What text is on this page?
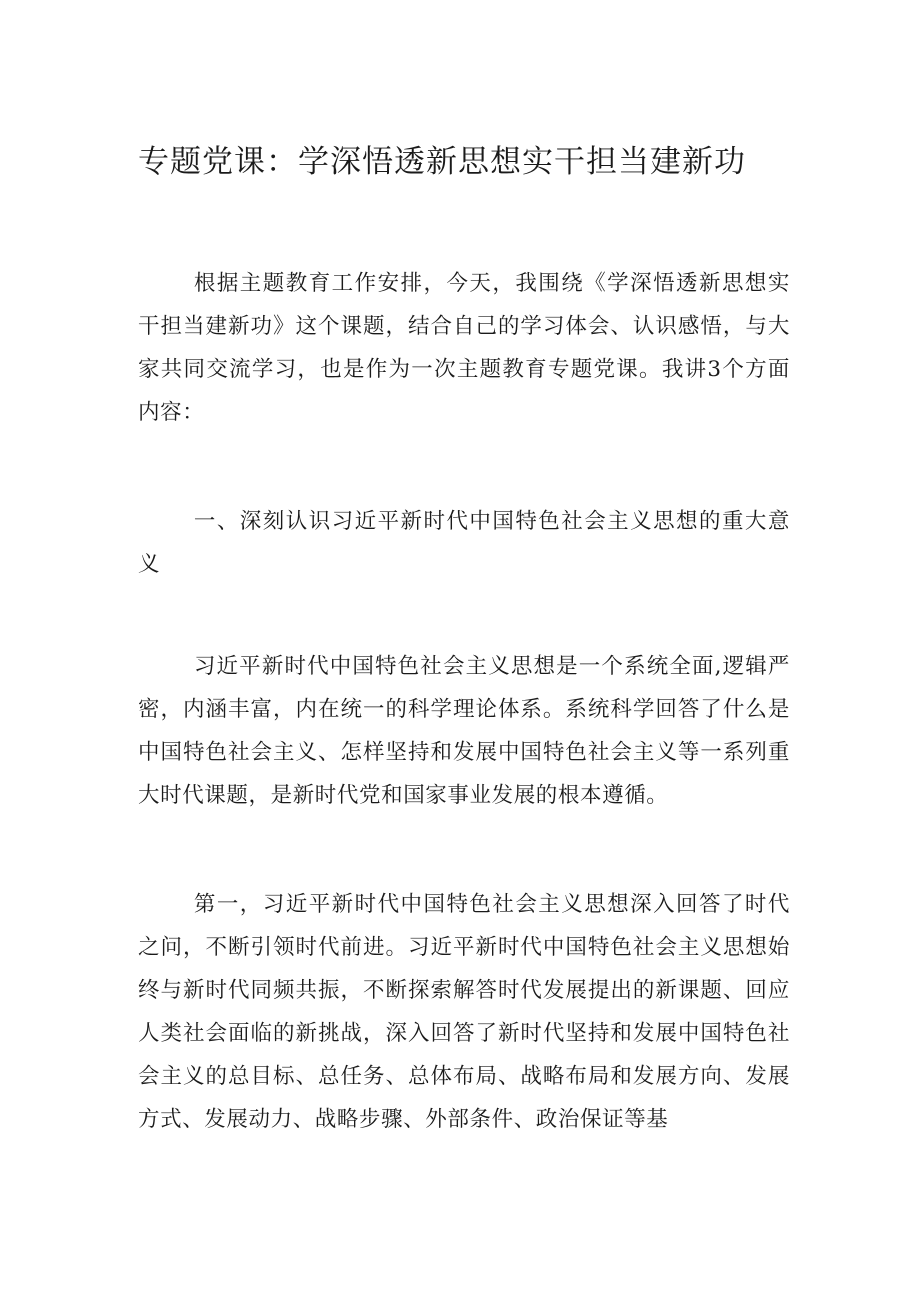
专题党课：学深悟透新思想实干担当建新功

根据主题教育工作安排，今天，我围绕《学深悟透新思想实干担当建新功》这个课题，结合自己的学习体会、认识感悟，与大家共同交流学习，也是作为一次主题教育专题党课。我讲3个方面内容：

一、深刻认识习近平新时代中国特色社会主义思想的重大意义

习近平新时代中国特色社会主义思想是一个系统全面,逻辑严密，内涵丰富，内在统一的科学理论体系。系统科学回答了什么是中国特色社会主义、怎样坚持和发展中国特色社会主义等一系列重大时代课题，是新时代党和国家事业发展的根本遵循。

第一，习近平新时代中国特色社会主义思想深入回答了时代之问，不断引领时代前进。习近平新时代中国特色社会主义思想始终与新时代同频共振，不断探索解答时代发展提出的新课题、回应人类社会面临的新挑战，深入回答了新时代坚持和发展中国特色社会主义的总目标、总任务、总体布局、战略布局和发展方向、发展方式、发展动力、战略步骤、外部条件、政治保证等基
